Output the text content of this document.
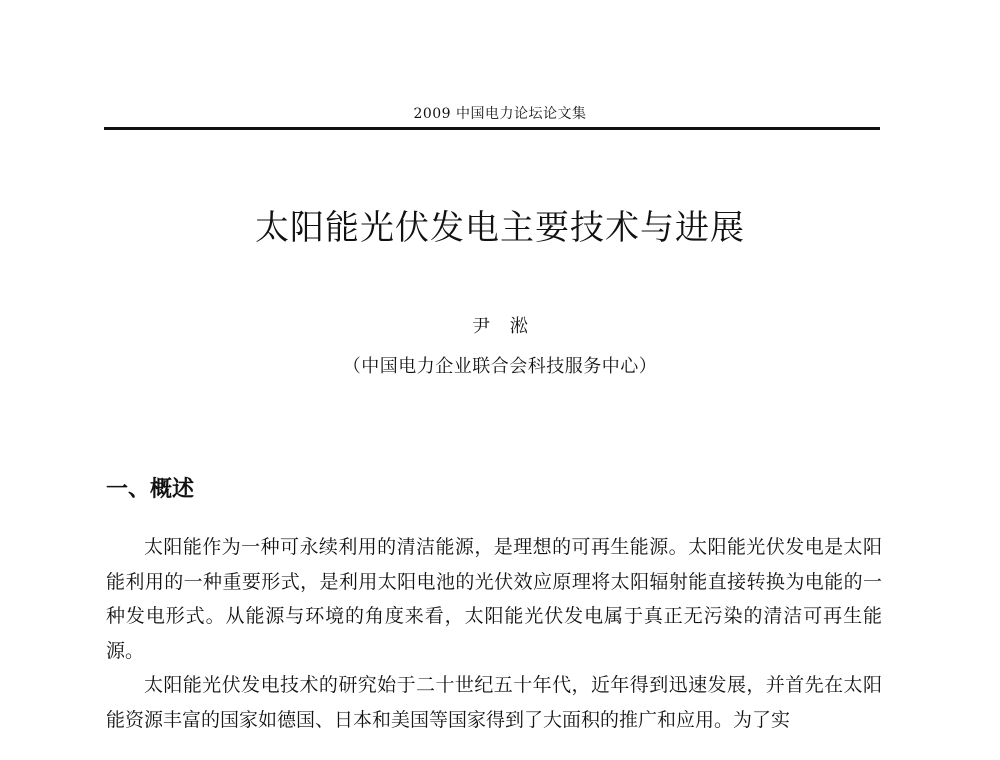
2009 中国电力论坛论文集
太阳能光伏发电主要技术与进展
尹 淞
（中国电力企业联合会科技服务中心）
一、概述

太阳能作为一种可永续利用的清洁能源，是理想的可再生能源。太阳能光伏发电是太阳能利用的一种重要形式，是利用太阳电池的光伏效应原理将太阳辐射能直接转换为电能的一种发电形式。从能源与环境的角度来看，太阳能光伏发电属于真正无污染的清洁可再生能源。

太阳能光伏发电技术的研究始于二十世纪五十年代，近年得到迅速发展，并首先在太阳能资源丰富的国家如德国、日本和美国等国家得到了大面积的推广和应用。为了实
